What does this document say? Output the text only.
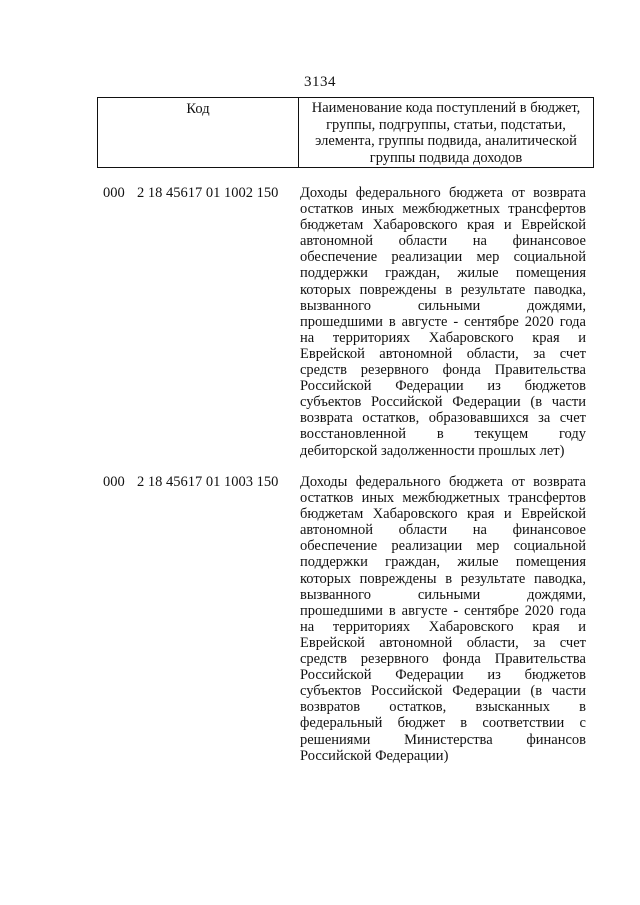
3134
Код	Наименование кода поступлений в бюджет, группы, подгруппы, статьи, подстатьи, элемента, группы подвида, аналитической группы подвида доходов
000 2 18 45617 01 1002 150	Доходы федерального бюджета от возврата
остатков иных межбюджетных трансфертов
бюджетам Хабаровского края и Еврейской
автономной области на финансовое
обеспечение реализации мер социальной
поддержки граждан, жилые помещения
которых повреждены в результате паводка,
вызванного сильными дождями,
прошедшими в августе - сентябре 2020 года
на территориях Хабаровского края и
Еврейской автономной области, за счет
средств резервного фонда Правительства
Российской Федерации из бюджетов
субъектов Российской Федерации (в части
возврата остатков, образовавшихся за счет
восстановленной в текущем году
дебиторской задолженности прошлых лет)
000 2 18 45617 01 1003 150	Доходы федерального бюджета от возврата
остатков иных межбюджетных трансфертов
бюджетам Хабаровского края и Еврейской
автономной области на финансовое
обеспечение реализации мер социальной
поддержки граждан, жилые помещения
которых повреждены в результате паводка,
вызванного сильными дождями,
прошедшими в августе - сентябре 2020 года
на территориях Хабаровского края и
Еврейской автономной области, за счет
средств резервного фонда Правительства
Российской Федерации из бюджетов
субъектов Российской Федерации (в части
возвратов остатков, взысканных в
федеральный бюджет в соответствии с
решениями Министерства финансов
Российской Федерации)
